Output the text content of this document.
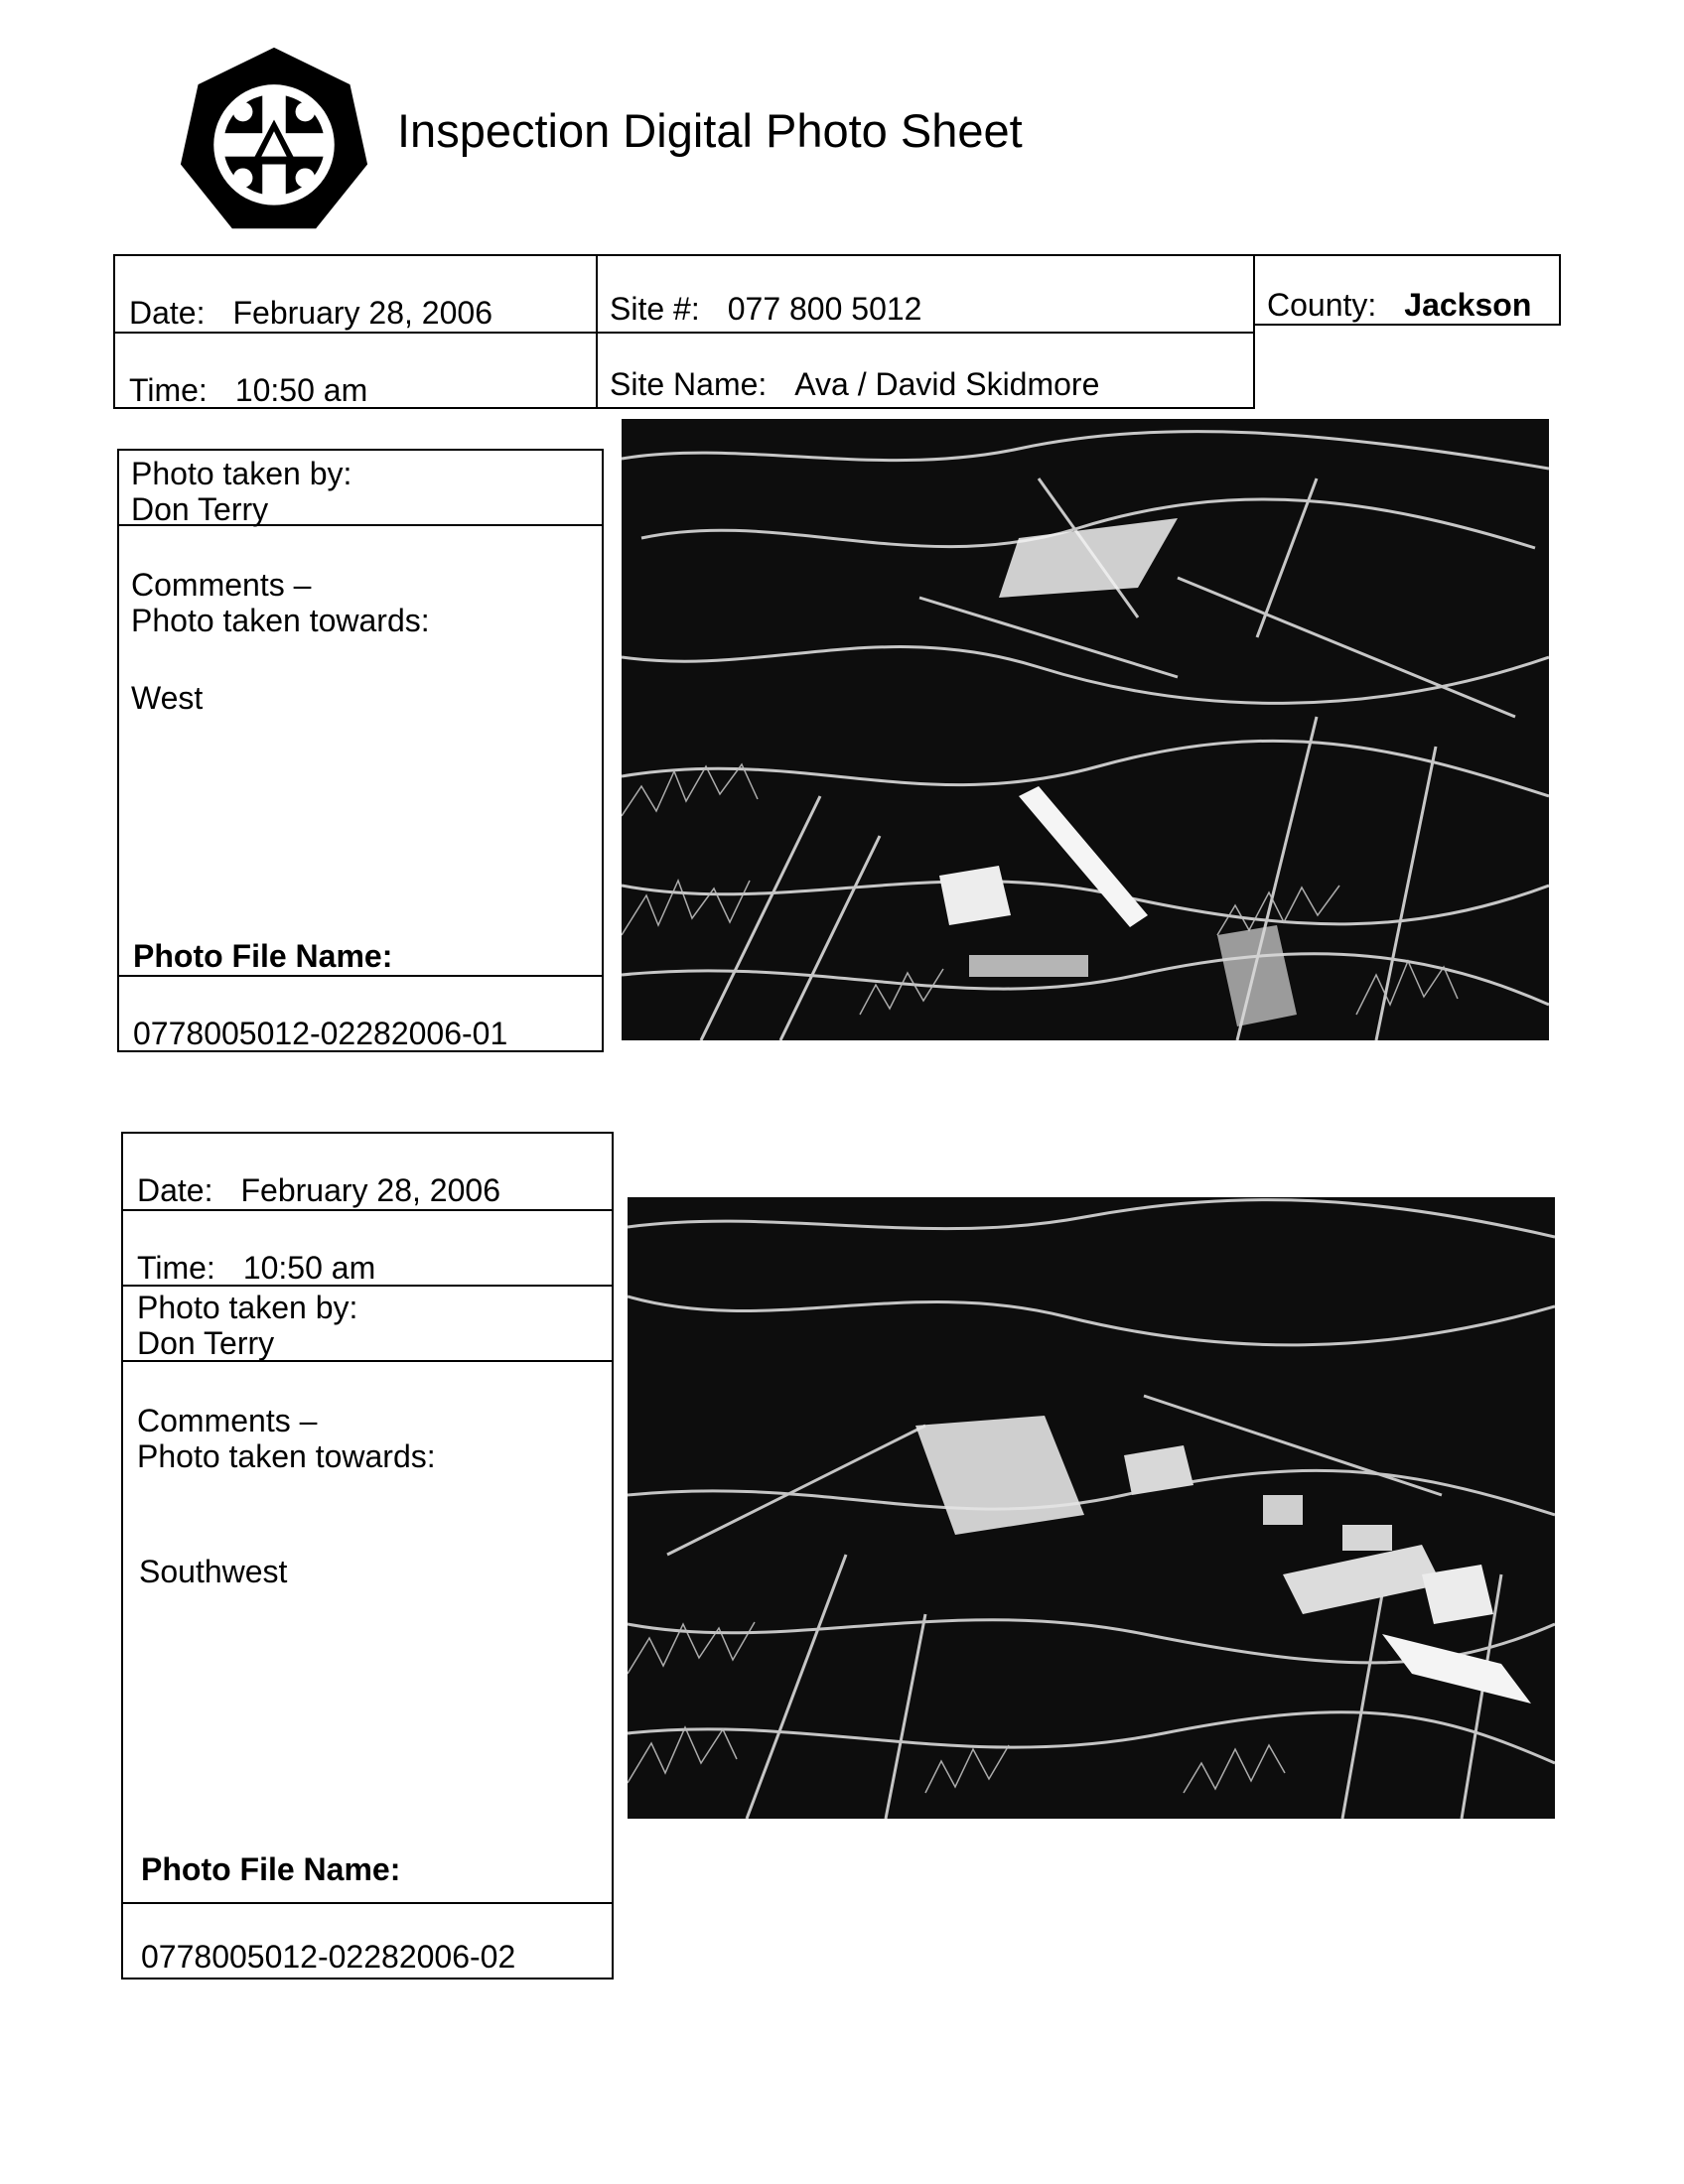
Inspection Digital Photo Sheet
Date: February 28, 2006	Site #: 077 800 5012	County: Jackson
Time: 10:50 am	Site Name: Ava / David Skidmore
Photo taken by:
Don Terry
Comments –
Photo taken towards:
West
Photo File Name:
0778005012-02282006-01
Date: February 28, 2006
Time: 10:50 am
Photo taken by:
Don Terry
Comments –
Photo taken towards:
Southwest
Photo File Name:
0778005012-02282006-02
